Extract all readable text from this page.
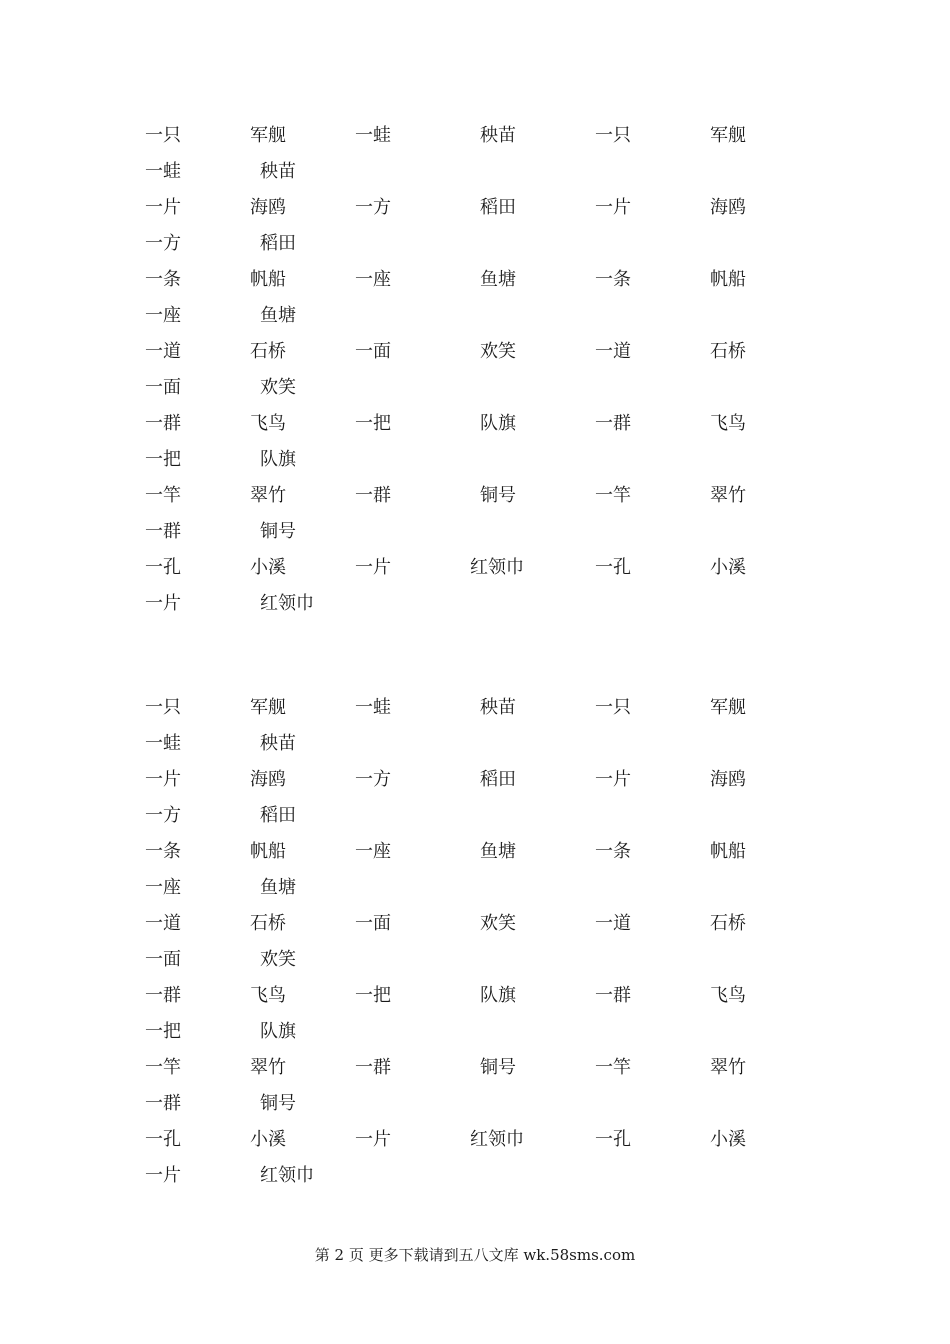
一只	军舰	一蛙	秧苗	一只	军舰
一蛙	秧苗
一片	海鸥	一方	稻田	一片	海鸥
一方	稻田
一条	帆船	一座	鱼塘	一条	帆船
一座	鱼塘
一道	石桥	一面	欢笑	一道	石桥
一面	欢笑
一群	飞鸟	一把	队旗	一群	飞鸟
一把	队旗
一竿	翠竹	一群	铜号	一竿	翠竹
一群	铜号
一孔	小溪	一片	红领巾	一孔	小溪
一片	红领巾
一只	军舰	一蛙	秧苗	一只	军舰
一蛙	秧苗
一片	海鸥	一方	稻田	一片	海鸥
一方	稻田
一条	帆船	一座	鱼塘	一条	帆船
一座	鱼塘
一道	石桥	一面	欢笑	一道	石桥
一面	欢笑
一群	飞鸟	一把	队旗	一群	飞鸟
一把	队旗
一竿	翠竹	一群	铜号	一竿	翠竹
一群	铜号
一孔	小溪	一片	红领巾	一孔	小溪
一片	红领巾
第 2 页 更多下载请到五八文库 wk.58sms.com
